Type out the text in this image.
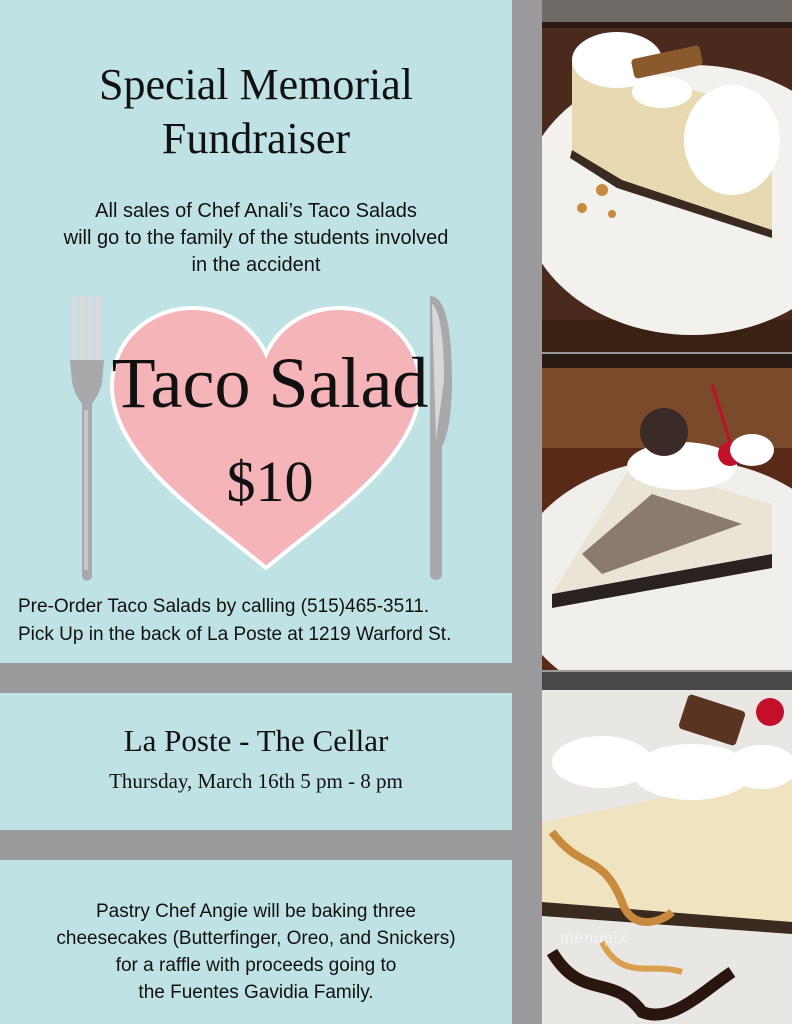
Special Memorial
Fundraiser
All sales of Chef Anali’s Taco Salads
will go to the family of the students involved
in the accident
Taco Salad
$10
Pre-Order Taco Salads by calling (515)465-3511.
Pick Up in the back of La Poste at 1219 Warford St.
La Poste - The Cellar
Thursday, March 16th 5 pm - 8 pm
Pastry Chef Angie will be baking three
cheesecakes (Butterfinger, Oreo, and Snickers)
for a raffle with proceeds going to
the Fuentes Gavidia Family.
menupix
